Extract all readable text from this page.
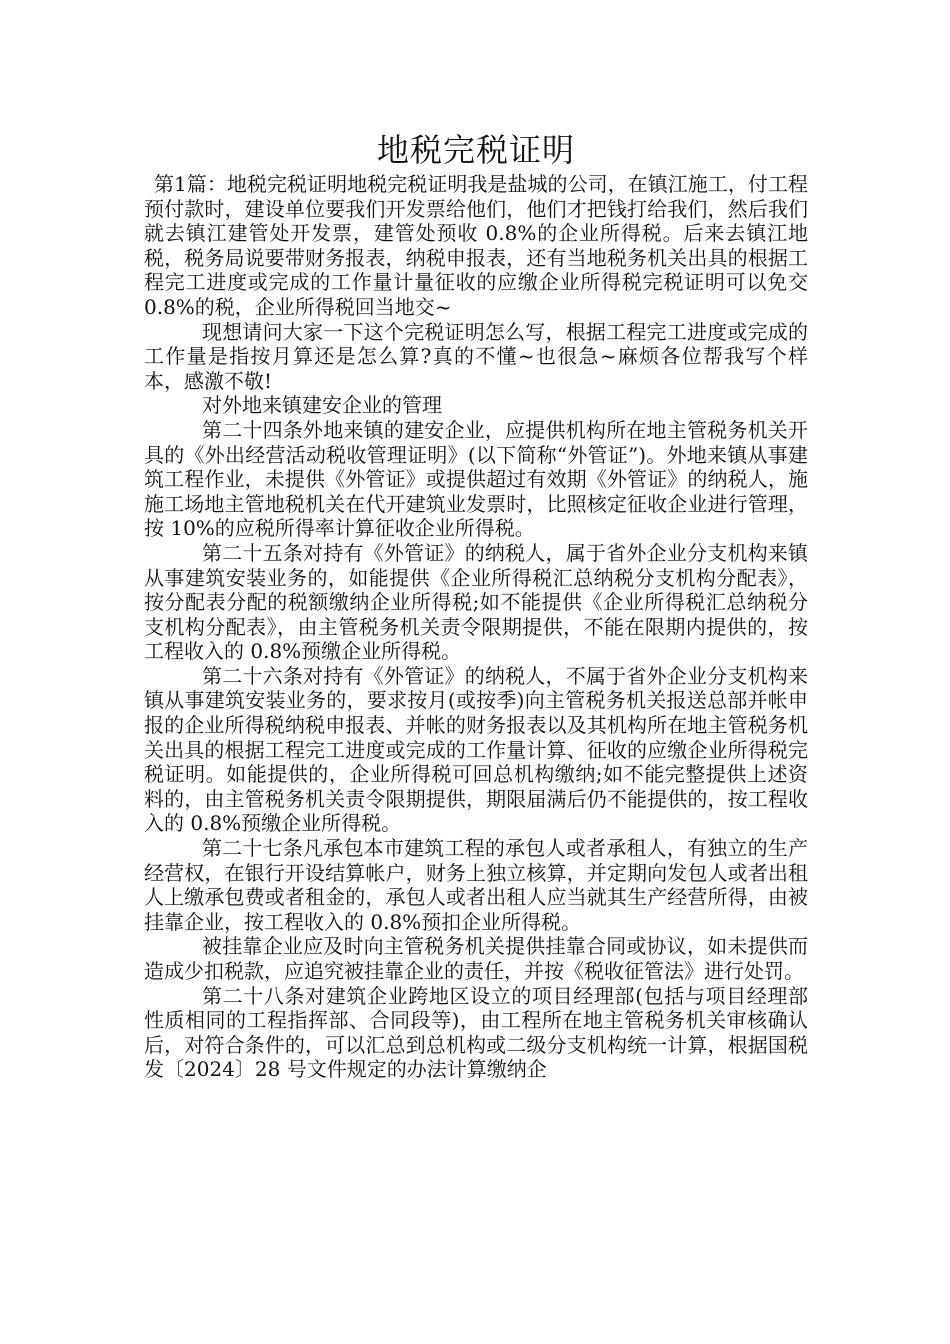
地税完税证明

第1篇：地税完税证明地税完税证明我是盐城的公司，在镇江施工，付工程预付款时，建设单位要我们开发票给他们，他们才把钱打给我们，然后我们就去镇江建管处开发票，建管处预收 0.8%的企业所得税。后来去镇江地税，税务局说要带财务报表，纳税申报表，还有当地税务机关出具的根据工程完工进度或完成的工作量计量征收的应缴企业所得税完税证明可以免交 0.8%的税，企业所得税回当地交~

现想请问大家一下这个完税证明怎么写，根据工程完工进度或完成的工作量是指按月算还是怎么算?真的不懂~也很急~麻烦各位帮我写个样本，感激不敬!

对外地来镇建安企业的管理

第二十四条外地来镇的建安企业，应提供机构所在地主管税务机关开具的《外出经营活动税收管理证明》(以下简称“外管证”)。外地来镇从事建筑工程作业，未提供《外管证》或提供超过有效期《外管证》的纳税人，施施工场地主管地税机关在代开建筑业发票时，比照核定征收企业进行管理，按 10%的应税所得率计算征收企业所得税。

第二十五条对持有《外管证》的纳税人，属于省外企业分支机构来镇从事建筑安装业务的，如能提供《企业所得税汇总纳税分支机构分配表》，按分配表分配的税额缴纳企业所得税;如不能提供《企业所得税汇总纳税分支机构分配表》，由主管税务机关责令限期提供，不能在限期内提供的，按工程收入的 0.8%预缴企业所得税。

第二十六条对持有《外管证》的纳税人，不属于省外企业分支机构来镇从事建筑安装业务的，要求按月(或按季)向主管税务机关报送总部并帐申报的企业所得税纳税申报表、并帐的财务报表以及其机构所在地主管税务机关出具的根据工程完工进度或完成的工作量计算、征收的应缴企业所得税完税证明。如能提供的，企业所得税可回总机构缴纳;如不能完整提供上述资料的，由主管税务机关责令限期提供，期限届满后仍不能提供的，按工程收入的 0.8%预缴企业所得税。

第二十七条凡承包本市建筑工程的承包人或者承租人，有独立的生产经营权，在银行开设结算帐户，财务上独立核算，并定期向发包人或者出租人上缴承包费或者租金的，承包人或者出租人应当就其生产经营所得，由被挂靠企业，按工程收入的 0.8%预扣企业所得税。

被挂靠企业应及时向主管税务机关提供挂靠合同或协议，如未提供而造成少扣税款，应追究被挂靠企业的责任，并按《税收征管法》进行处罚。

第二十八条对建筑企业跨地区设立的项目经理部(包括与项目经理部性质相同的工程指挥部、合同段等)，由工程所在地主管税务机关审核确认后，对符合条件的，可以汇总到总机构或二级分支机构统一计算，根据国税发〔2024〕28 号文件规定的办法计算缴纳企
